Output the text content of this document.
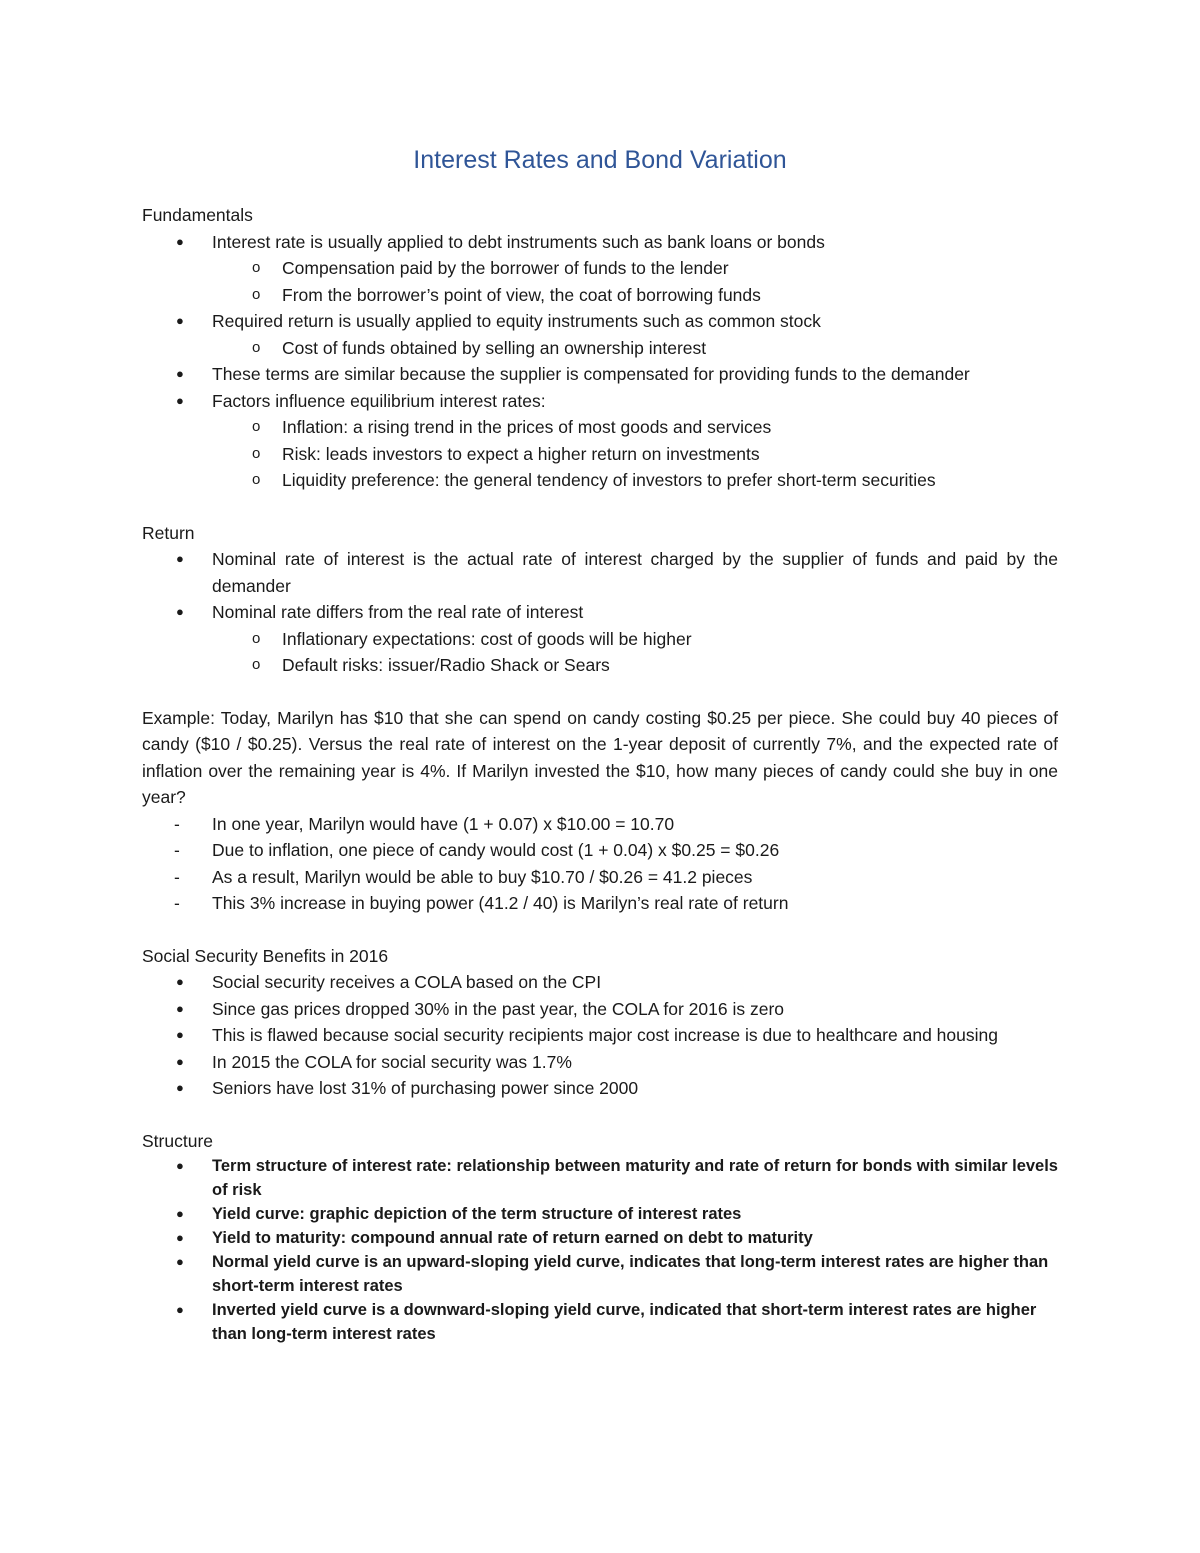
Interest Rates and Bond Variation

Fundamentals

● Interest rate is usually applied to debt instruments such as bank loans or bonds
o Compensation paid by the borrower of funds to the lender
o From the borrower’s point of view, the coat of borrowing funds
● Required return is usually applied to equity instruments such as common stock
o Cost of funds obtained by selling an ownership interest
● These terms are similar because the supplier is compensated for providing funds to the demander
● Factors influence equilibrium interest rates:
o Inflation: a rising trend in the prices of most goods and services
o Risk: leads investors to expect a higher return on investments
o Liquidity preference: the general tendency of investors to prefer short-term securities

Return

● Nominal rate of interest is the actual rate of interest charged by the supplier of funds and paid by the demander
● Nominal rate differs from the real rate of interest
o Inflationary expectations: cost of goods will be higher
o Default risks: issuer/Radio Shack or Sears

Example: Today, Marilyn has $10 that she can spend on candy costing $0.25 per piece. She could buy 40 pieces of candy ($10 / $0.25). Versus the real rate of interest on the 1-year deposit of currently 7%, and the expected rate of inflation over the remaining year is 4%. If Marilyn invested the $10, how many pieces of candy could she buy in one year?

- In one year, Marilyn would have (1 + 0.07) x $10.00 = 10.70
- Due to inflation, one piece of candy would cost (1 + 0.04) x $0.25 = $0.26
- As a result, Marilyn would be able to buy $10.70 / $0.26 = 41.2 pieces
- This 3% increase in buying power (41.2 / 40) is Marilyn’s real rate of return

Social Security Benefits in 2016

● Social security receives a COLA based on the CPI
● Since gas prices dropped 30% in the past year, the COLA for 2016 is zero
● This is flawed because social security recipients major cost increase is due to healthcare and housing
● In 2015 the COLA for social security was 1.7%
● Seniors have lost 31% of purchasing power since 2000

Structure

● Term structure of interest rate: relationship between maturity and rate of return for bonds with similar levels of risk
● Yield curve: graphic depiction of the term structure of interest rates
● Yield to maturity: compound annual rate of return earned on debt to maturity
● Normal yield curve is an upward-sloping yield curve, indicates that long-term interest rates are higher than short-term interest rates
● Inverted yield curve is a downward-sloping yield curve, indicated that short-term interest rates are higher than long-term interest rates
